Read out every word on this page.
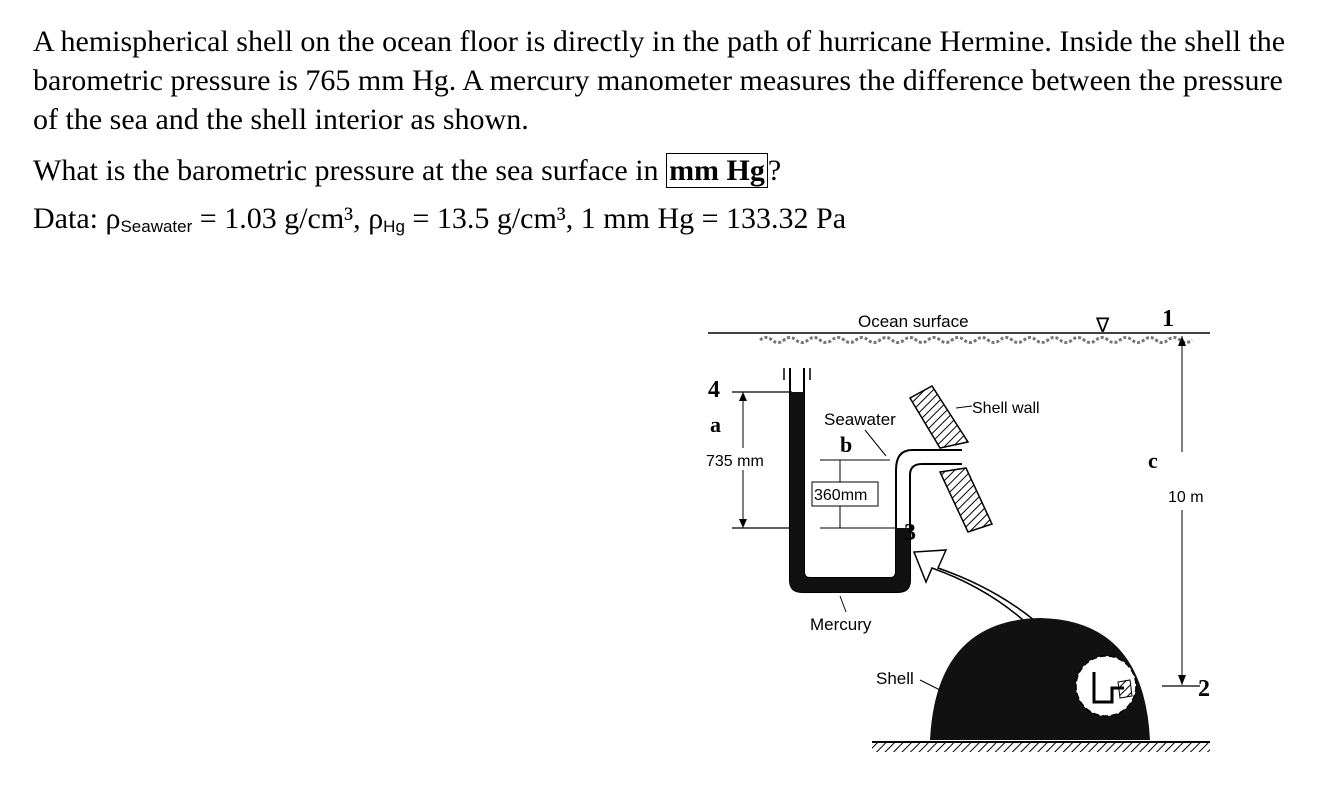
A hemispherical shell on the ocean floor is directly in the path of hurricane Hermine. Inside the shell the barometric pressure is 765 mm Hg. A mercury manometer measures the difference between the pressure of the sea and the shell interior as shown.

What is the barometric pressure at the sea surface in mm Hg ?

Data: $\rho_{Seawater} = 1.03$ g/cm³, $\rho_{Hg} = 13.5$ g/cm³, 1 mm Hg = 133.32 Pa

Ocean surface	∇ 1
c
10 m
2
4
a
735 mm
360mm
Seawater
b
3
Shell wall
Mercury
Shell
